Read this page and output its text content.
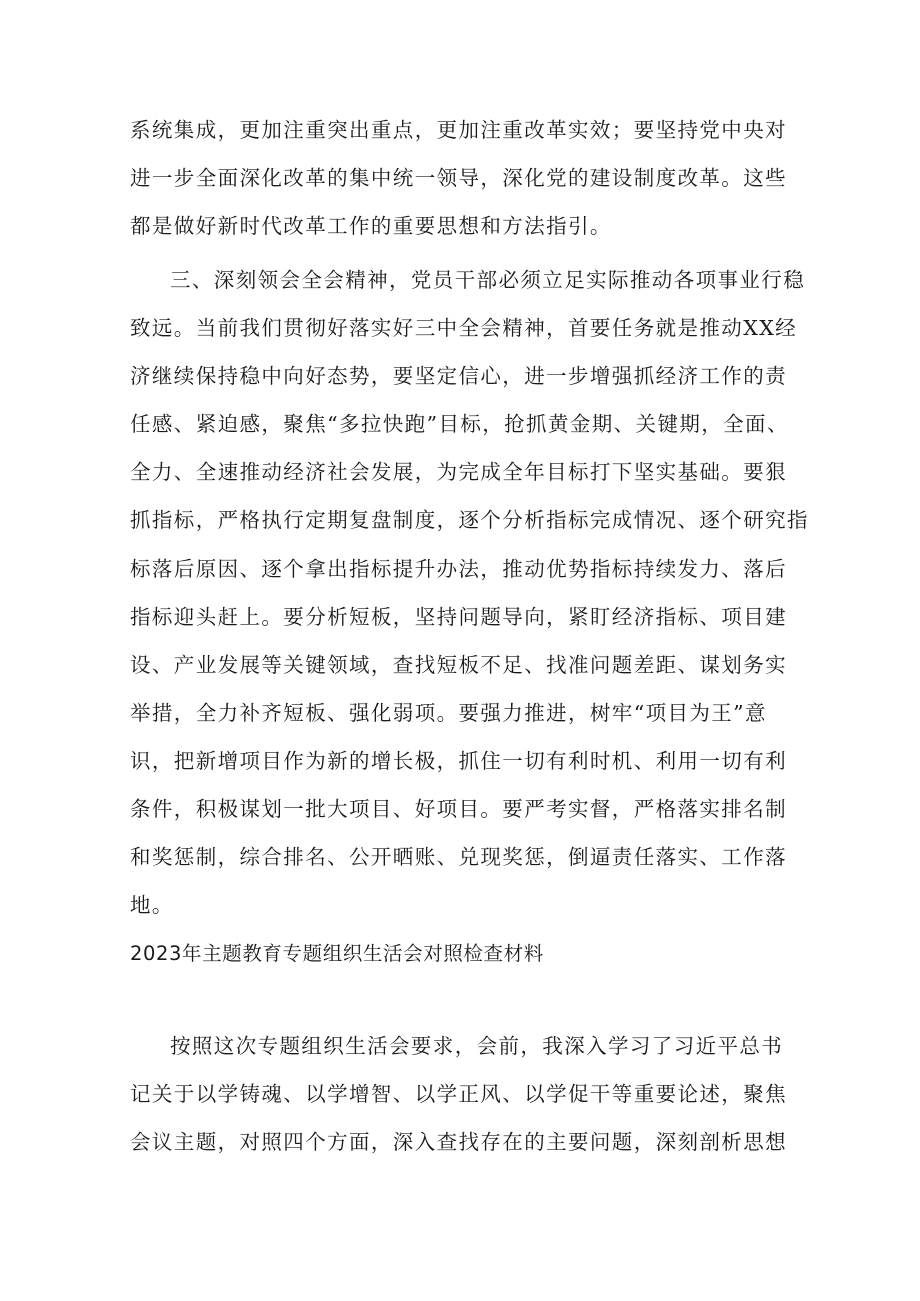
系统集成，更加注重突出重点，更加注重改革实效；要坚持党中央对
进一步全面深化改革的集中统一领导，深化党的建设制度改革。这些
都是做好新时代改革工作的重要思想和方法指引。
三、深刻领会全会精神，党员干部必须立足实际推动各项事业行稳
致远。当前我们贯彻好落实好三中全会精神，首要任务就是推动XX经
济继续保持稳中向好态势，要坚定信心，进一步增强抓经济工作的责
任感、紧迫感，聚焦“多拉快跑”目标，抢抓黄金期、关键期，全面、
全力、全速推动经济社会发展，为完成全年目标打下坚实基础。要狠
抓指标，严格执行定期复盘制度，逐个分析指标完成情况、逐个研究指
标落后原因、逐个拿出指标提升办法，推动优势指标持续发力、落后
指标迎头赶上。要分析短板，坚持问题导向，紧盯经济指标、项目建
设、产业发展等关键领域，查找短板不足、找准问题差距、谋划务实
举措，全力补齐短板、强化弱项。要强力推进，树牢“项目为王”意
识，把新增项目作为新的增长极，抓住一切有利时机、利用一切有利
条件，积极谋划一批大项目、好项目。要严考实督，严格落实排名制
和奖惩制，综合排名、公开晒账、兑现奖惩，倒逼责任落实、工作落
地。
2023年主题教育专题组织生活会对照检查材料
按照这次专题组织生活会要求，会前，我深入学习了习近平总书
记关于以学铸魂、以学增智、以学正风、以学促干等重要论述，聚焦
会议主题，对照四个方面，深入查找存在的主要问题，深刻剖析思想
